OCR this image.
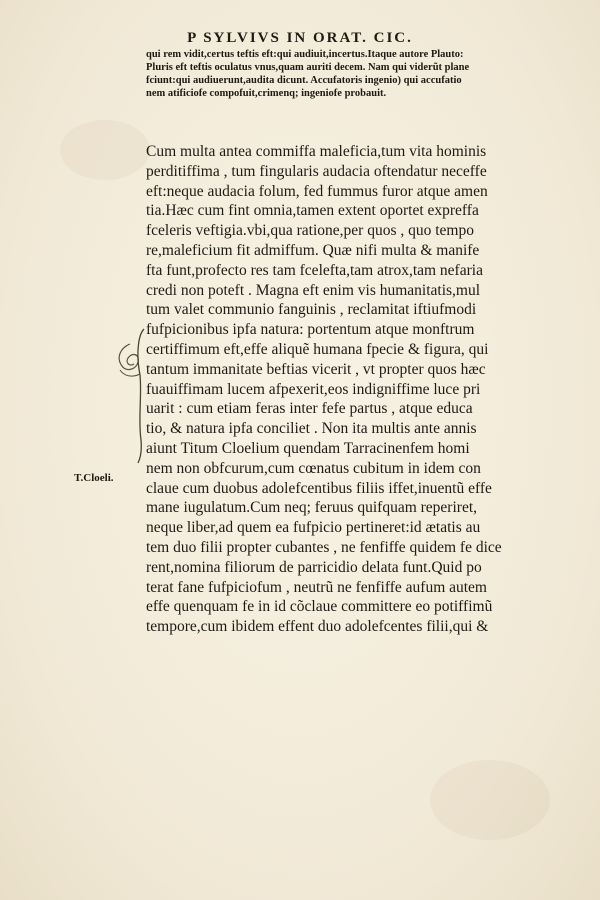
P SYLVIVS IN ORAT. CIC.
qui rem vidit,certus teftis eft:qui audiuit,incertus.Itaque autore Plauto:
Pluris eft teftis oculatus vnus,quam auriti decem. Nam qui viderũt plane
fciunt:qui audiuerunt,audita dicunt. Accufatoris ingenio) qui accufatio
nem atificiofe compofuit,crimenq; ingeniofe probauit.
Cum multa antea commiffa maleficia,tum vita hominis
perditiffima , tum fingularis audacia oftendatur neceffe
eft:neque audacia folum, fed fummus furor atque amen
tia.Hæc cum fint omnia,tamen extent oportet expreffa
fceleris veftigia.vbi,qua ratione,per quos , quo tempo
re,maleficium fit admiffum. Quæ nifi multa & manife
fta funt,profecto res tam fcelefta,tam atrox,tam nefaria
credi non poteft . Magna eft enim vis humanitatis,mul
tum valet communio fanguinis , reclamitat iftiufmodi
fufpicionibus ipfa natura: portentum atque monftrum
certiffimum eft,effe aliquẽ humana fpecie & figura, qui
tantum immanitate beftias vicerit , vt propter quos hæc
fuauiffimam lucem afpexerit,eos indigniffime luce pri
uarit : cum etiam feras inter fefe partus , atque educa
tio, & natura ipfa conciliet . Non ita multis ante annis
aiunt Titum Cloelium quendam Tarracinenfem homi
nem non obfcurum,cum cœnatus cubitum in idem con
claue cum duobus adolefcentibus filiis iffet,inuentũ effe
mane iugulatum.Cum neq; feruus quifquam reperiret,
neque liber,ad quem ea fufpicio pertineret:id ætatis au
tem duo filii propter cubantes , ne fenfiffe quidem fe dice
rent,nomina filiorum de parricidio delata funt.Quid po
terat fane fufpiciofum , neutrũ ne fenfiffe aufum autem
effe quenquam fe in id cõclaue committere eo potiffimũ
tempore,cum ibidem effent duo adolefcentes filii,qui &
T.Cloeli.
